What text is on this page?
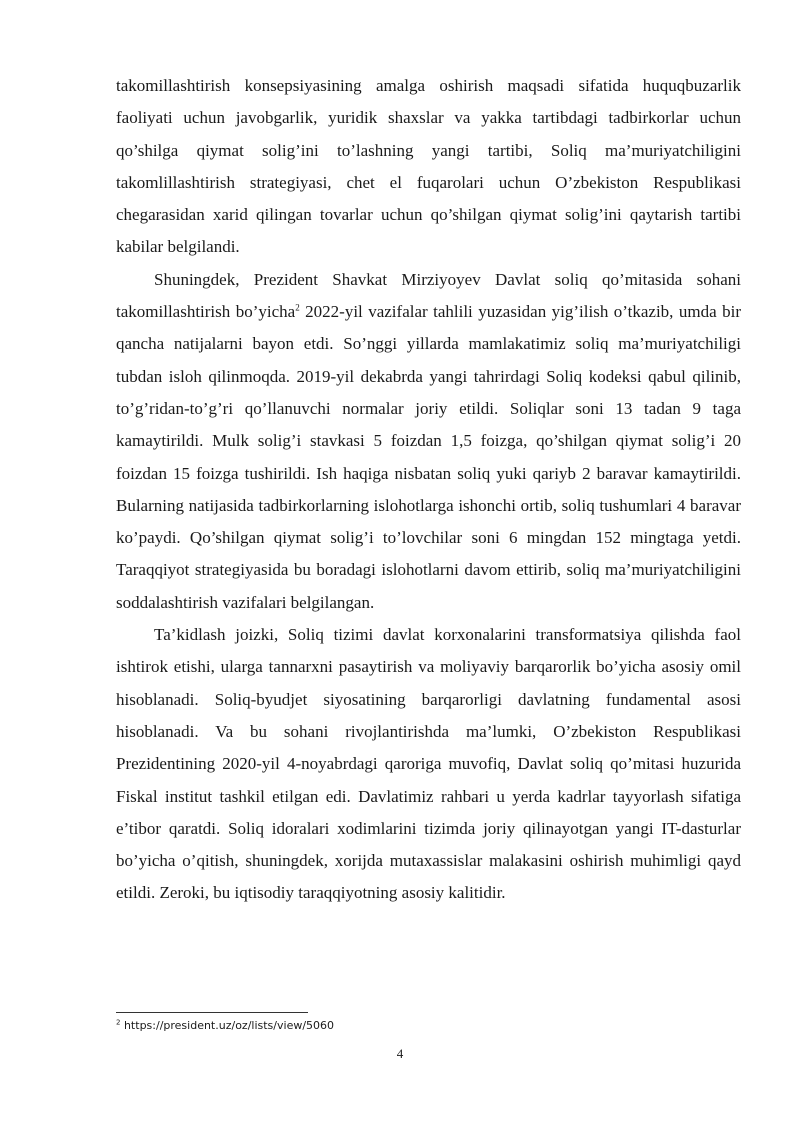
takomillashtirish konsepsiyasining amalga oshirish maqsadi sifatida huquqbuzarlik faoliyati uchun javobgarlik, yuridik shaxslar va yakka tartibdagi tadbirkorlar uchun qo’shilga qiymat solig’ini to’lashning yangi tartibi, Soliq ma’muriyatchiligini takomlillashtirish strategiyasi, chet el fuqarolari uchun O’zbekiston Respublikasi chegarasidan xarid qilingan tovarlar uchun qo’shilgan qiymat solig’ini qaytarish tartibi kabilar belgilandi.

Shuningdek, Prezident Shavkat Mirziyoyev Davlat soliq qo’mitasida sohani takomillashtirish bo’yicha$^2$ 2022-yil vazifalar tahlili yuzasidan yig’ilish o’tkazib, umda bir qancha natijalarni bayon etdi. So’nggi yillarda mamlakatimiz soliq ma’muriyatchiligi tubdan isloh qilinmoqda. 2019-yil dekabrda yangi tahrirdagi Soliq kodeksi qabul qilinib, to’g’ridan-to’g’ri qo’llanuvchi normalar joriy etildi. Soliqlar soni 13 tadan 9 taga kamaytirildi. Mulk solig’i stavkasi 5 foizdan 1,5 foizga, qo’shilgan qiymat solig’i 20 foizdan 15 foizga tushirildi. Ish haqiga nisbatan soliq yuki qariyb 2 baravar kamaytirildi. Bularning natijasida tadbirkorlarning islohotlarga ishonchi ortib, soliq tushumlari 4 baravar ko’paydi. Qo’shilgan qiymat solig’i to’lovchilar soni 6 mingdan 152 mingtaga yetdi. Taraqqiyot strategiyasida bu boradagi islohotlarni davom ettirib, soliq ma’muriyatchiligini soddalashtirish vazifalari belgilangan.

Ta’kidlash joizki, Soliq tizimi davlat korxonalarini transformatsiya qilishda faol ishtirok etishi, ularga tannarxni pasaytirish va moliyaviy barqarorlik bo’yicha asosiy omil hisoblanadi. Soliq-byudjet siyosatining barqarorligi davlatning fundamental asosi hisoblanadi. Va bu sohani rivojlantirishda ma’lumki, O’zbekiston Respublikasi Prezidentining 2020-yil 4-noyabrdagi qaroriga muvofiq, Davlat soliq qo’mitasi huzurida Fiskal institut tashkil etilgan edi. Davlatimiz rahbari u yerda kadrlar tayyorlash sifatiga e’tibor qaratdi. Soliq idoralari xodimlarini tizimda joriy qilinayotgan yangi IT-dasturlar bo’yicha o’qitish, shuningdek, xorijda mutaxassislar malakasini oshirish muhimligi qayd etildi. Zeroki, bu iqtisodiy taraqqiyotning asosiy kalitidir.

$^2$ https://president.uz/oz/lists/view/5060
4
